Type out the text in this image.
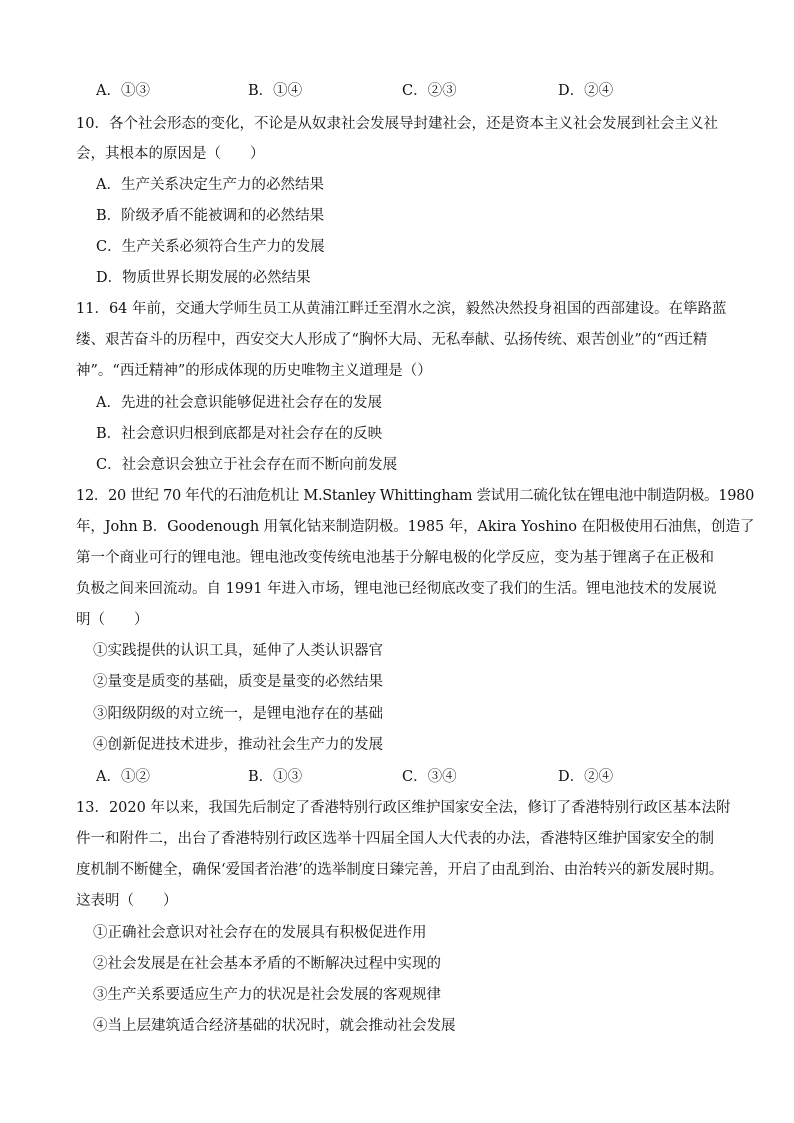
A．①③	B．①④	C．②③	D．②④
10．各个社会形态的变化，不论是从奴隶社会发展导封建社会，还是资本主义社会发展到社会主义社
会，其根本的原因是（　　）
A．生产关系决定生产力的必然结果
B．阶级矛盾不能被调和的必然结果
C．生产关系必须符合生产力的发展
D．物质世界长期发展的必然结果
11．64 年前，交通大学师生员工从黄浦江畔迁至渭水之滨，毅然决然投身祖国的西部建设。在筚路蓝
缕、艰苦奋斗的历程中，西安交大人形成了“胸怀大局、无私奉献、弘扬传统、艰苦创业”的“西迁精
神”。“西迁精神”的形成体现的历史唯物主义道理是（）
A．先进的社会意识能够促进社会存在的发展
B．社会意识归根到底都是对社会存在的反映
C．社会意识会独立于社会存在而不断向前发展
12．20 世纪 70 年代的石油危机让 M.Stanley Whittingham 尝试用二硫化钛在锂电池中制造阴极。1980
年，John B．Goodenough 用氧化钴来制造阴极。1985 年，Akira Yoshino 在阳极使用石油焦，创造了
第一个商业可行的锂电池。锂电池改变传统电池基于分解电极的化学反应，变为基于锂离子在正极和
负极之间来回流动。自 1991 年进入市场，锂电池已经彻底改变了我们的生活。锂电池技术的发展说
明（　　）
①实践提供的认识工具，延伸了人类认识器官
②量变是质变的基础，质变是量变的必然结果
③阳级阴级的对立统一，是锂电池存在的基础
④创新促进技术进步，推动社会生产力的发展
A．①②	B．①③	C．③④	D．②④
13．2020 年以来，我国先后制定了香港特别行政区维护国家安全法，修订了香港特别行政区基本法附
件一和附件二，出台了香港特别行政区选举十四届全国人大代表的办法，香港特区维护国家安全的制
度机制不断健全，确保‘爱国者治港’的选举制度日臻完善，开启了由乱到治、由治转兴的新发展时期。
这表明（　　）
①正确社会意识对社会存在的发展具有积极促进作用
②社会发展是在社会基本矛盾的不断解决过程中实现的
③生产关系要适应生产力的状况是社会发展的客观规律
④当上层建筑适合经济基础的状况时，就会推动社会发展
